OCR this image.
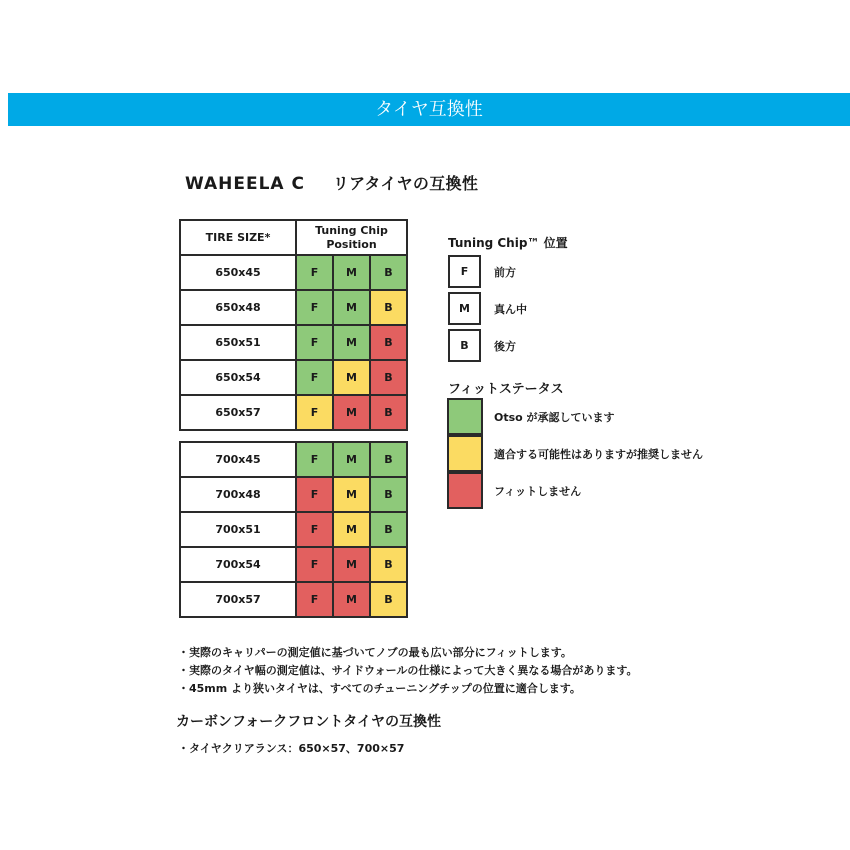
タイヤ互換性
WAHEELA C リアタイヤの互換性
TIRE SIZE*	Tuning Chip
Position		

650x45	F	M	B
650x48	F	M	B
650x51	F	M	B
650x54	F	M	B
650x57	F	M	B
700x45	F	M	B
700x48	F	M	B
700x51	F	M	B
700x54	F	M	B
700x57	F	M	B
Tuning Chip™ 位置
F	前方
M	真ん中
B	後方
フィットステータス
Otso が承認しています
適合する可能性はありますが推奨しません
フィットしません
・実際のキャリパーの測定値に基づいてノブの最も広い部分にフィットします。
・実際のタイヤ幅の測定値は、サイドウォールの仕様によって大きく異なる場合があります。
・45mm より狭いタイヤは、すべてのチューニングチップの位置に適合します。
カーボンフォークフロントタイヤの互換性
・タイヤクリアランス：650×57、700×57
